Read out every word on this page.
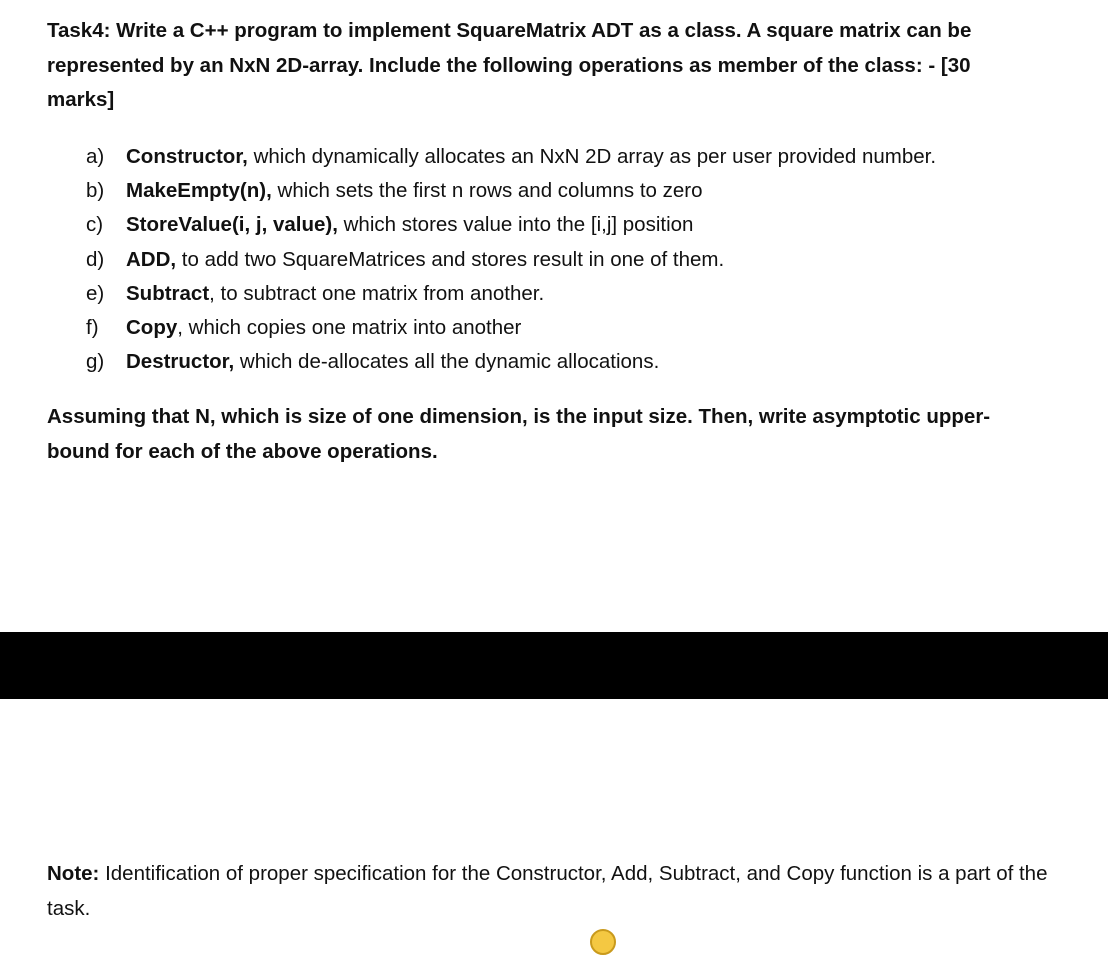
Task4: Write a C++ program to implement SquareMatrix ADT as a class. A square matrix can be represented by an NxN 2D-array. Include the following operations as member of the class: - [30 marks]

a) Constructor, which dynamically allocates an NxN 2D array as per user provided number.
b) MakeEmpty(n), which sets the first n rows and columns to zero
c) StoreValue(i, j, value), which stores value into the [i,j] position
d) ADD, to add two SquareMatrices and stores result in one of them.
e) Subtract, to subtract one matrix from another.
f) Copy, which copies one matrix into another
g) Destructor, which de-allocates all the dynamic allocations.

Assuming that N, which is size of one dimension, is the input size. Then, write asymptotic upper-bound for each of the above operations.

Note: Identification of proper specification for the Constructor, Add, Subtract, and Copy function is a part of the task.
